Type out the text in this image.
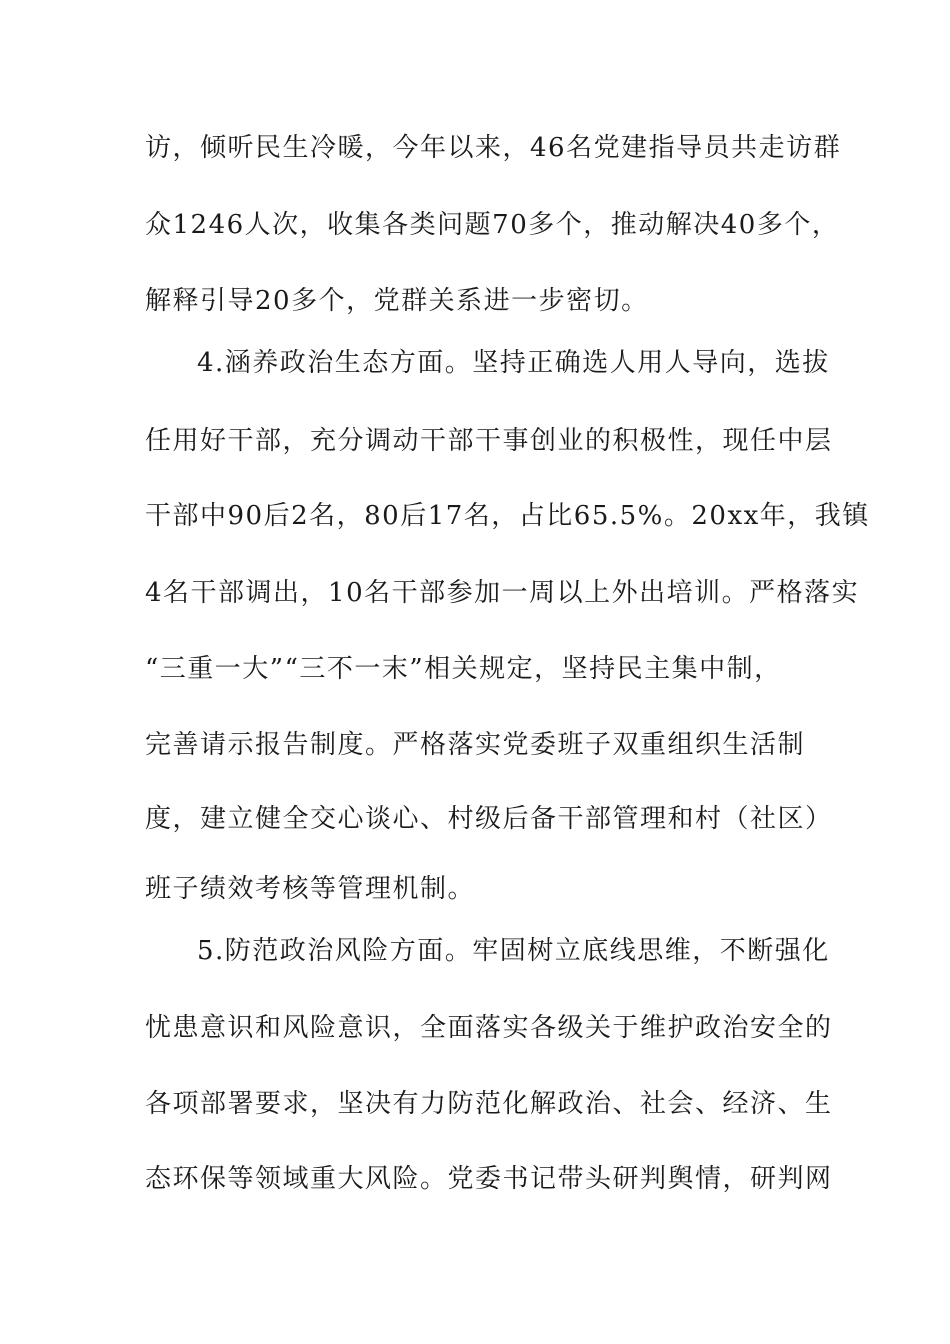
访，倾听民生冷暖，今年以来，46名党建指导员共走访群
众1246人次，收集各类问题70多个，推动解决40多个，
解释引导20多个，党群关系进一步密切。
4.涵养政治生态方面。坚持正确选人用人导向，选拔
任用好干部，充分调动干部干事创业的积极性，现任中层
干部中90后2名，80后17名，占比65.5%。20xx年，我镇
4名干部调出，10名干部参加一周以上外出培训。严格落实
“三重一大”“三不一末”相关规定，坚持民主集中制，
完善请示报告制度。严格落实党委班子双重组织生活制
度，建立健全交心谈心、村级后备干部管理和村（社区）
班子绩效考核等管理机制。
5.防范政治风险方面。牢固树立底线思维，不断强化
忧患意识和风险意识，全面落实各级关于维护政治安全的
各项部署要求，坚决有力防范化解政治、社会、经济、生
态环保等领域重大风险。党委书记带头研判舆情，研判网
